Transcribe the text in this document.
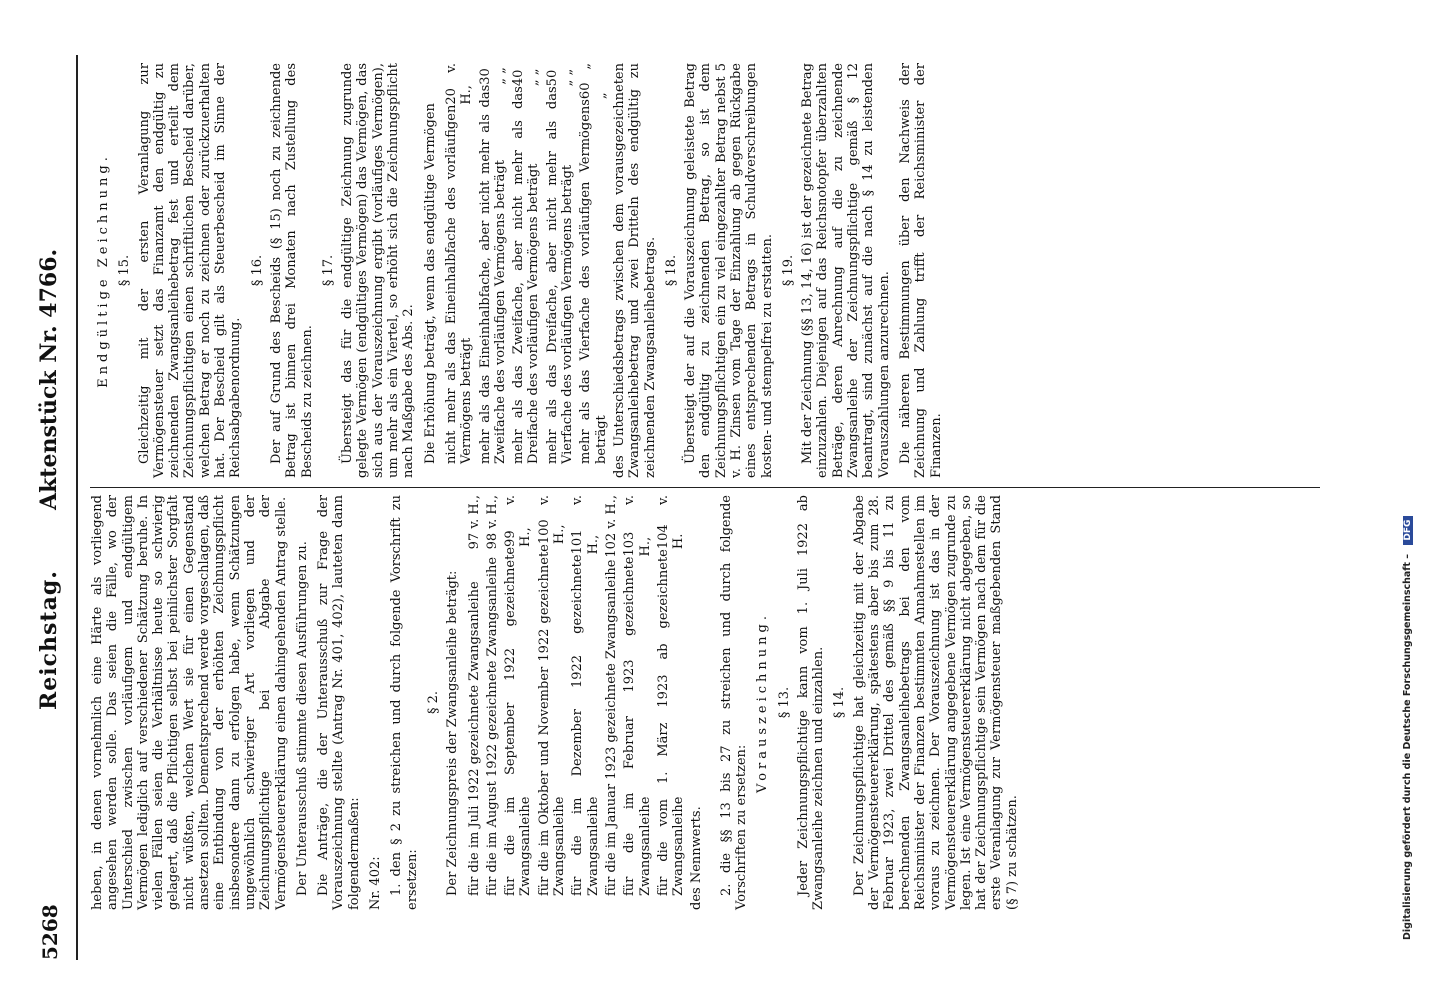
5268
Reichstag.
Aktenstück Nr. 4766.

heben, in denen vornehmlich eine Härte als vorliegend angesehen werden solle. Das seien die Fälle, wo der Unterschied zwischen vorläufigem und endgültigem Vermögen lediglich auf verschiedener Schätzung beruhe. In vielen Fällen seien die Verhältnisse heute so schwierig gelagert, daß die Pflichtigen selbst bei peinlichster Sorgfalt nicht wüßten, welchen Wert sie für einen Gegenstand ansetzen sollten. Dementsprechend werde vorgeschlagen, daß eine Entbindung von der erhöhten Zeichnungspflicht insbesondere dann zu erfolgen habe, wenn Schätzungen ungewöhnlich schwieriger Art vorliegen und der Zeichnungspflichtige bei Abgabe der Vermögensteuererklärung einen dahingehenden Antrag stelle. Der Unterausschuß stimmte diesen Ausführungen zu. Die Anträge, die der Unterausschuß zur Frage der Vorauszeichnung stellte (Antrag Nr. 401, 402), lauteten dann folgendermaßen: Nr. 402: 1. den § 2 zu streichen und durch folgende Vorschrift zu ersetzen:

§ 2. Der Zeichnungspreis der Zwangsanleihe beträgt: für die im Juli 1922 gezeichnete Zwangsanleihe
97 v. H.,
für die im August 1922 gezeichnete Zwangsanleihe
98 v. H.,
für die im September 1922 gezeichnete Zwangsanleihe
99 v. H.,
für die im Oktober und November 1922 gezeichnete Zwangsanleihe
100 v. H.,
für die im Dezember 1922 gezeichnete Zwangsanleihe
101 v. H.,
für die im Januar 1923 gezeichnete Zwangsanleihe
102 v. H.,
für die im Februar 1923 gezeichnete Zwangsanleihe
103 v. H.,
für die vom 1. März 1923 ab gezeichnete Zwangsanleihe
104 v. H.

des Nennwerts. 2. die §§ 13 bis 27 zu streichen und durch folgende Vorschriften zu ersetzen:

Vorauszeichnung. § 13. Jeder Zeichnungspflichtige kann vom 1. Juli 1922 ab Zwangsanleihe zeichnen und einzahlen. § 14. Der Zeichnungspflichtige hat gleichzeitig mit der Abgabe der Vermögensteuererklärung, spätestens aber bis zum 28. Februar 1923, zwei Drittel des gemäß §§ 9 bis 11 zu berechnenden Zwangsanleihebetrags bei den vom Reichsminister der Finanzen bestimmten Annahmestellen im voraus zu zeichnen. Der Vorauszeichnung ist das in der Vermögensteuererklärung angegebene Vermögen zugrunde zu legen. Ist eine Vermögensteuererklärung nicht abgegeben, so hat der Zeichnungspflichtige sein Vermögen nach dem für die erste Veranlagung zur Vermögensteuer maßgebenden Stand (§ 7) zu schätzen.

Endgültige Zeichnung. § 15. Gleichzeitig mit der ersten Veranlagung zur Vermögensteuer setzt das Finanzamt den endgültig zu zeichnenden Zwangsanleihebetrag fest und erteilt dem Zeichnungspflichtigen einen schriftlichen Bescheid darüber, welchen Betrag er noch zu zeichnen oder zurückzuerhalten hat. Der Bescheid gilt als Steuerbescheid im Sinne der Reichsabgabenordnung.

§ 16. Der auf Grund des Bescheids (§ 15) noch zu zeichnende Betrag ist binnen drei Monaten nach Zustellung des Bescheids zu zeichnen.

§ 17. Übersteigt das für die endgültige Zeichnung zugrunde gelegte Vermögen (endgültiges Vermögen) das Vermögen, das sich aus der Vorauszeichnung ergibt (vorläufiges Vermögen), um mehr als ein Viertel, so erhöht sich die Zeichnungspflicht nach Maßgabe des Abs. 2. Die Erhöhung beträgt, wenn das endgültige Vermögen nicht mehr als das Eineinhalbfache des vorläufigen Vermögens beträgt
20 v. H., mehr als das Eineinhalbfache, aber nicht mehr als das Zweifache des vorläufigen Vermögens beträgt
30 „ „
mehr als das Zweifache, aber nicht mehr als das Dreifache des vorläufigen Vermögens beträgt
40 „ „
mehr als das Dreifache, aber nicht mehr als das Vierfache des vorläufigen Vermögens beträgt
50 „ „
mehr als das Vierfache des vorläufigen Vermögens beträgt
60 „ „ des Unterschiedsbetrags zwischen dem vorausgezeichneten Zwangsanleihebetrag und zwei Dritteln des endgültig zu zeichnenden Zwangsanleihebetrags. § 18. Übersteigt der auf die Vorauszeichnung geleistete Betrag den endgültig zu zeichnenden Betrag, so ist dem Zeichnungspflichtigen ein zu viel eingezahlter Betrag nebst 5 v. H. Zinsen vom Tage der Einzahlung ab gegen Rückgabe eines entsprechenden Betrags in Schuldverschreibungen kosten- und stempelfrei zu erstatten. § 19. Mit der Zeichnung (§§ 13, 14, 16) ist der gezeichnete Betrag einzuzahlen. Diejenigen auf das Reichsnotopfer überzahlten Beträge, deren Anrechnung auf die zu zeichnende Zwangsanleihe der Zeichnungspflichtige gemäß § 12 beantragt, sind zunächst auf die nach § 14 zu leistenden Vorauszahlungen anzurechnen. Die näheren Bestimmungen über den Nachweis der Zeichnung und Zahlung trifft der Reichsminister der Finanzen.

Digitalisierung gefördert durch die Deutsche Forschungsgemeinschaft – DFG
